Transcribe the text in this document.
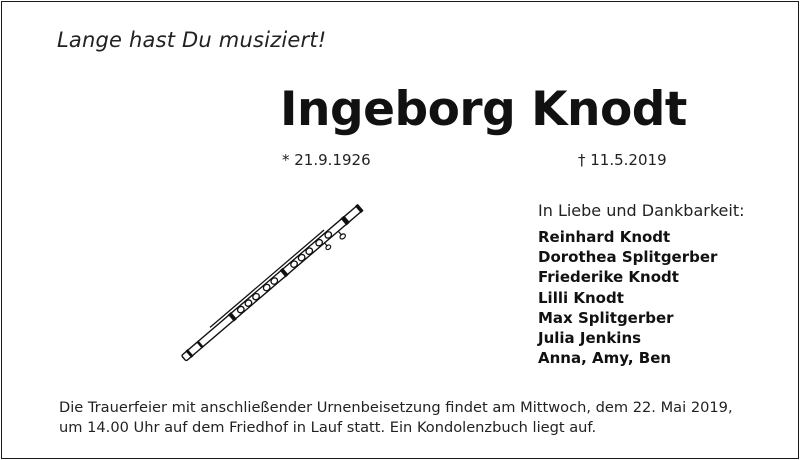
Lange hast Du musiziert!
Ingeborg Knodt
* 21.9.1926	† 11.5.2019
In Liebe und Dankbarkeit:
Reinhard Knodt
Dorothea Splitgerber
Friederike Knodt
Lilli Knodt
Max Splitgerber
Julia Jenkins
Anna, Amy, Ben
Die Trauerfeier mit anschließender Urnenbeisetzung findet am Mittwoch, dem 22. Mai 2019, um 14.00 Uhr auf dem Friedhof in Lauf statt. Ein Kondolenzbuch liegt auf.
